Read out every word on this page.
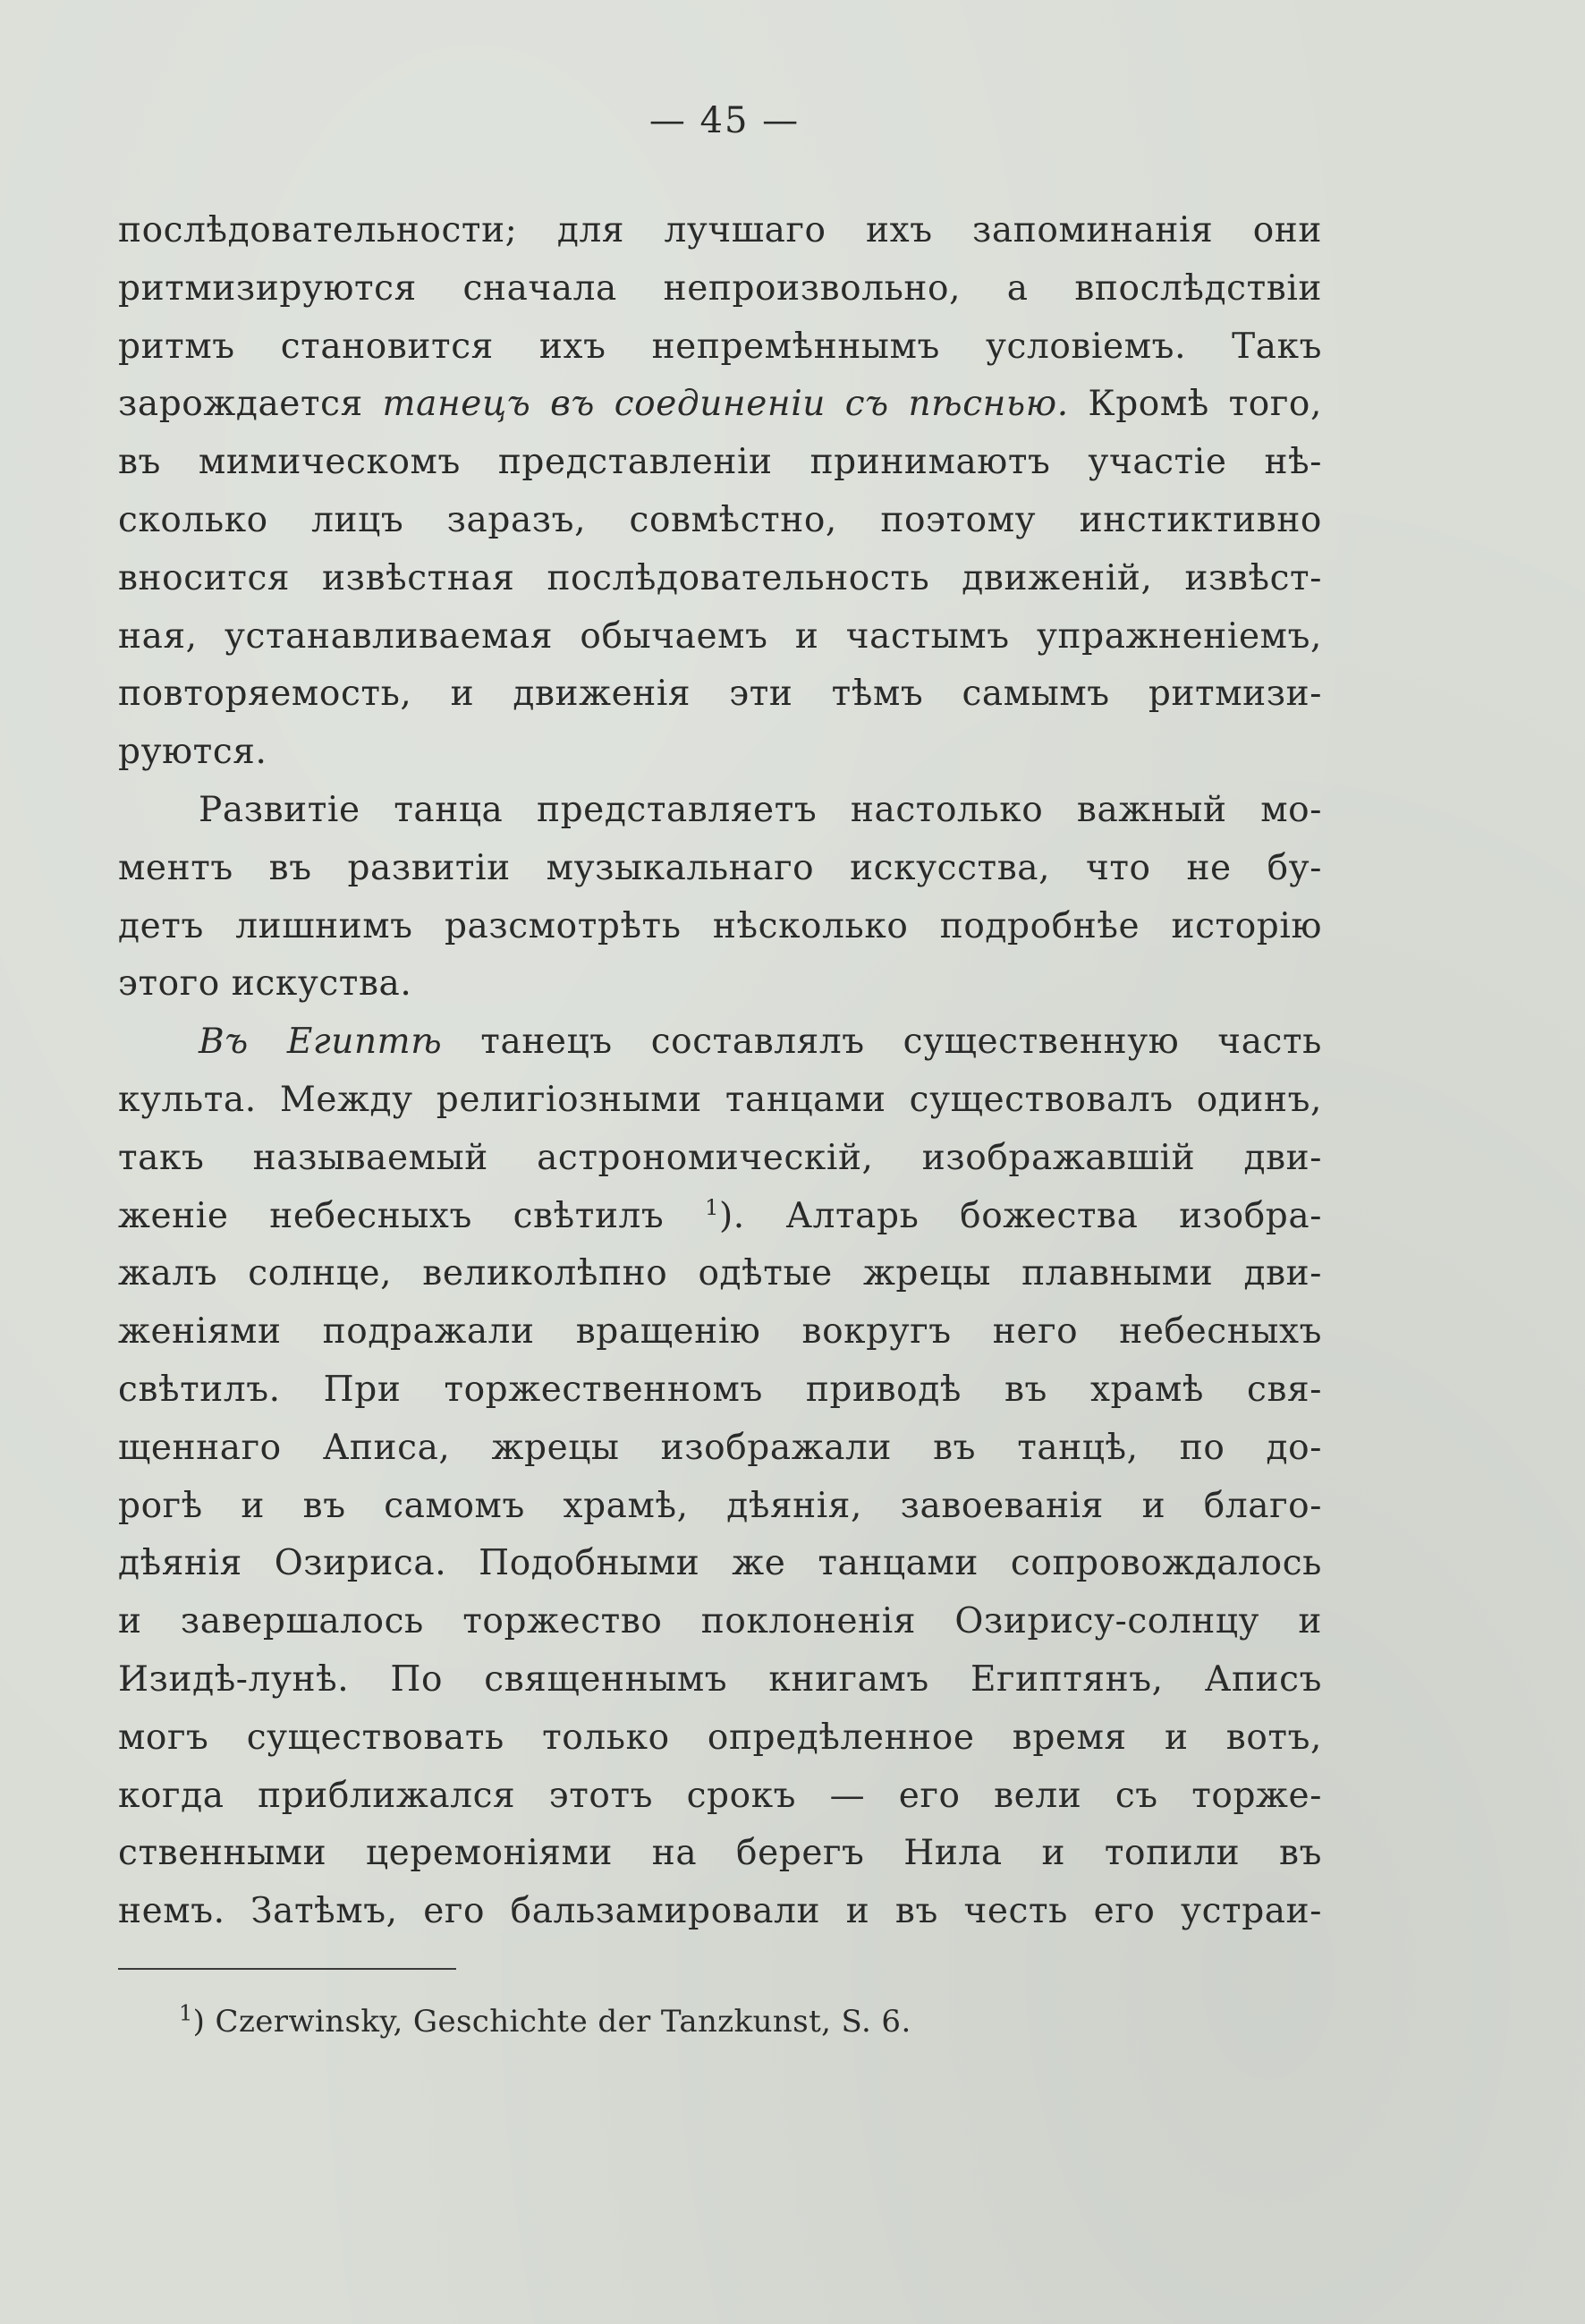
— 45 —
послѣдовательности; для лучшаго ихъ запоминанія они
ритмизируются сначала непроизвольно, а впослѣдствіи
ритмъ становится ихъ непремѣннымъ условіемъ. Такъ
зарождается танецъ въ соединеніи съ пѣснью. Кромѣ того,
въ мимическомъ представленіи принимаютъ участіе нѣ-
сколько лицъ заразъ, совмѣстно, поэтому инстиктивно
вносится извѣстная послѣдовательность движеній, извѣст-
ная, устанавливаемая обычаемъ и частымъ упражненіемъ,
повторяемость, и движенія эти тѣмъ самымъ ритмизи-
руются.
Развитіе танца представляетъ настолько важный мо-
ментъ въ развитіи музыкальнаго искусства, что не бу-
детъ лишнимъ разсмотрѣть нѣсколько подробнѣе исторію
этого искуства.
Въ Египтѣ танецъ составлялъ существенную часть
культа. Между религіозными танцами существовалъ одинъ,
такъ называемый астрономическій, изображавшій дви-
женіе небесныхъ свѣтилъ $^1$). Алтарь божества изобра-
жалъ солнце, великолѣпно одѣтые жрецы плавными дви-
женіями подражали вращенію вокругъ него небесныхъ
свѣтилъ. При торжественномъ приводѣ въ храмѣ свя-
щеннаго Аписа, жрецы изображали въ танцѣ, по до-
рогѣ и въ самомъ храмѣ, дѣянія, завоеванія и благо-
дѣянія Озириса. Подобными же танцами сопровождалось
и завершалось торжество поклоненія Озирису-солнцу и
Изидѣ-лунѣ. По священнымъ книгамъ Египтянъ, Аписъ
могъ существовать только опредѣленное время и вотъ,
когда приближался этотъ срокъ — его вели съ торже-
ственными церемоніями на берегъ Нила и топили въ
немъ. Затѣмъ, его бальзамировали и въ честь его устраи-
$^1$) Czerwinsky, Geschichte der Tanzkunst, S. 6.
